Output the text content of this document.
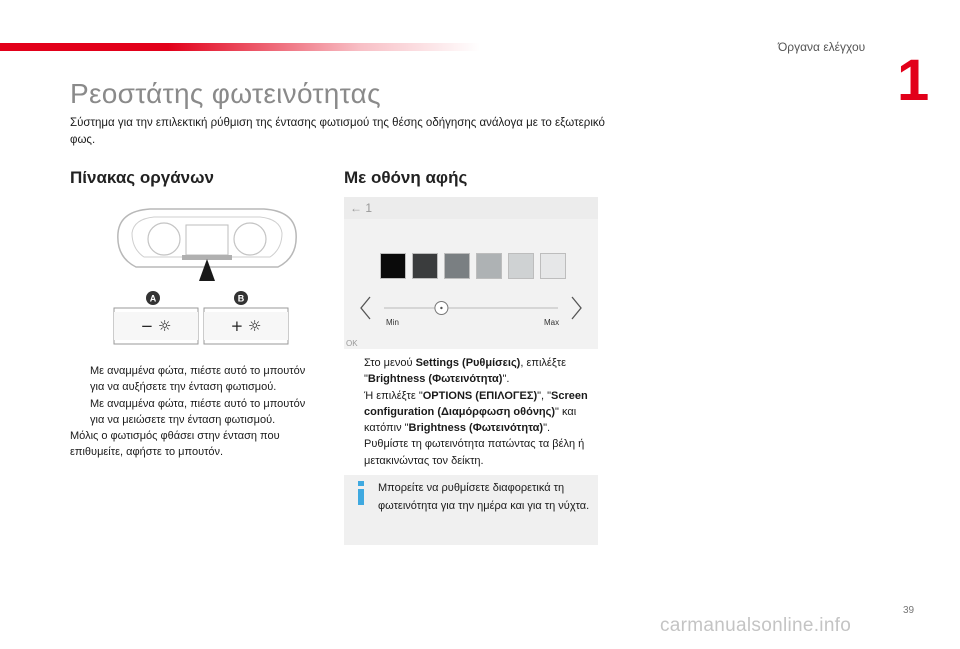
Όργανα ελέγχου
1
Ρεοστάτης φωτεινότητας
Σύστημα για την επιλεκτική ρύθμιση της έντασης φωτισμού της θέσης οδήγησης ανάλογα με το εξωτερικό φως.
Πίνακας οργάνων	Με οθόνη αφής
A	B
− ☼	+ ☼
← 1
Min	Max
OK
Με αναμμένα φώτα, πιέστε αυτό το μπουτόν για να αυξήσετε την ένταση φωτισμού.
Με αναμμένα φώτα, πιέστε αυτό το μπουτόν για να μειώσετε την ένταση φωτισμού.
Μόλις ο φωτισμός φθάσει στην ένταση που επιθυμείτε, αφήστε το μπουτόν.
Στο μενού Settings (Ρυθμίσεις), επιλέξτε "Brightness (Φωτεινότητα)".
Ή επιλέξτε "OPTIONS (ΕΠΙΛΟΓΕΣ)", "Screen configuration (Διαμόρφωση οθόνης)" και κατόπιν "Brightness (Φωτεινότητα)".
Ρυθμίστε τη φωτεινότητα πατώντας τα βέλη ή μετακινώντας τον δείκτη.
Μπορείτε να ρυθμίσετε διαφορετικά τη φωτεινότητα για την ημέρα και για τη νύχτα.
39
carmanualsonline.info
